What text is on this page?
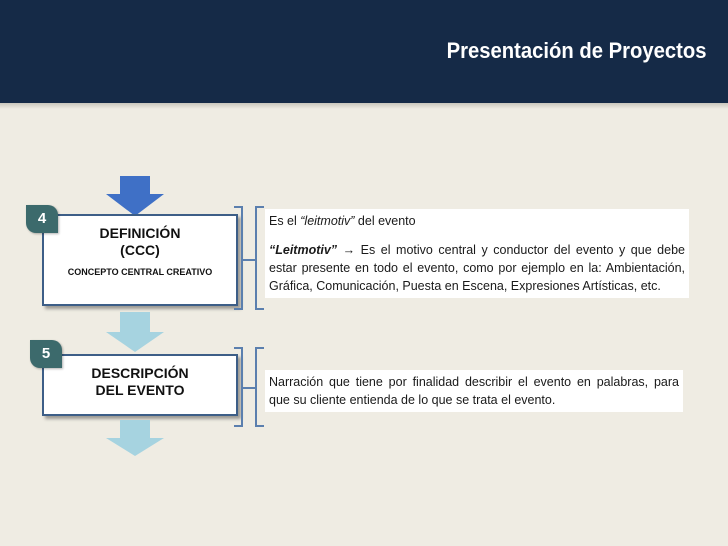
Presentación de Proyectos
DEFINICIÓN
(CCC)
CONCEPTO CENTRAL CREATIVO
4	Es el “leitmotiv” del evento

“Leitmotiv” → Es el motivo central y conductor del evento y que debe estar presente en todo el evento, como por ejemplo en la: Ambientación, Gráfica, Comunicación, Puesta en Escena, Expresiones Artísticas, etc.

DESCRIPCIÓN
DEL EVENTO
5

Narración que tiene por finalidad describir el evento en palabras, para que su cliente entienda de lo que se trata el evento.
